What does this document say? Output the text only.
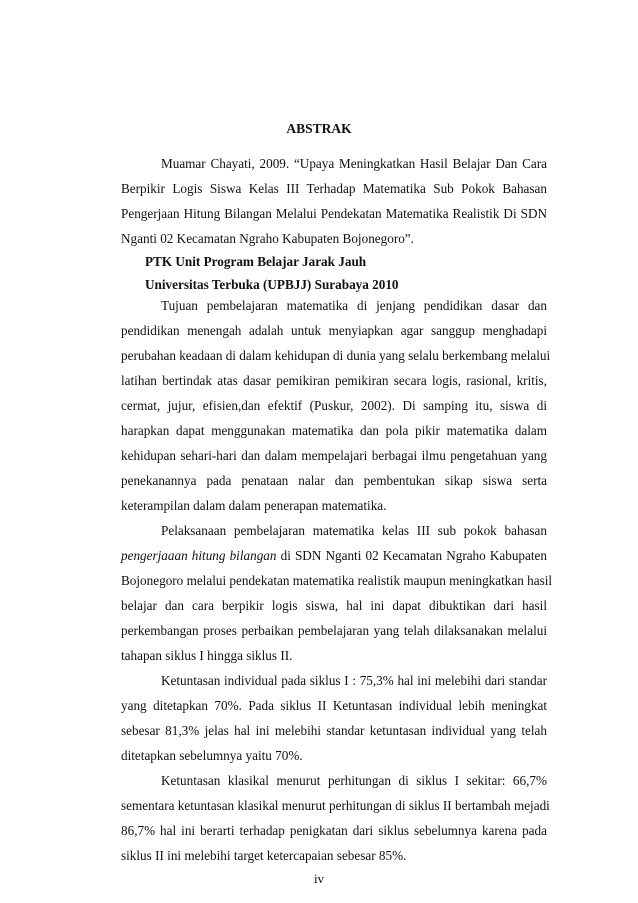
ABSTRAK
Muamar Chayati, 2009. “Upaya Meningkatkan Hasil Belajar Dan Cara
Berpikir Logis Siswa Kelas III Terhadap Matematika Sub Pokok Bahasan
Pengerjaan Hitung Bilangan Melalui Pendekatan Matematika Realistik Di SDN
Nganti 02 Kecamatan Ngraho Kabupaten Bojonegoro”.
PTK Unit Program Belajar Jarak Jauh
Universitas Terbuka (UPBJJ) Surabaya 2010
Tujuan pembelajaran matematika di jenjang pendidikan dasar dan
pendidikan menengah adalah untuk menyiapkan agar sanggup menghadapi
perubahan keadaan di dalam kehidupan di dunia yang selalu berkembang melalui
latihan bertindak atas dasar pemikiran pemikiran secara logis, rasional, kritis,
cermat, jujur, efisien,dan efektif (Puskur, 2002). Di samping itu, siswa di
harapkan dapat menggunakan matematika dan pola pikir matematika dalam
kehidupan sehari-hari dan dalam mempelajari berbagai ilmu pengetahuan yang
penekanannya pada penataan nalar dan pembentukan sikap siswa serta
keterampilan dalam dalam penerapan matematika.
Pelaksanaan pembelajaran matematika kelas III sub pokok bahasan
pengerjaaan hitung bilangan di SDN Nganti 02 Kecamatan Ngraho Kabupaten
Bojonegoro melalui pendekatan matematika realistik maupun meningkatkan hasil
belajar dan cara berpikir logis siswa, hal ini dapat dibuktikan dari hasil
perkembangan proses perbaikan pembelajaran yang telah dilaksanakan melalui
tahapan siklus I hingga siklus II.
Ketuntasan individual pada siklus I : 75,3% hal ini melebihi dari standar
yang ditetapkan 70%. Pada siklus II Ketuntasan individual lebih meningkat
sebesar 81,3% jelas hal ini melebihi standar ketuntasan individual yang telah
ditetapkan sebelumnya yaitu 70%.
Ketuntasan klasikal menurut perhitungan di siklus I sekitar: 66,7%
sementara ketuntasan klasikal menurut perhitungan di siklus II bertambah mejadi
86,7% hal ini berarti terhadap penigkatan dari siklus sebelumnya karena pada
siklus II ini melebihi target ketercapaian sebesar 85%.
iv
